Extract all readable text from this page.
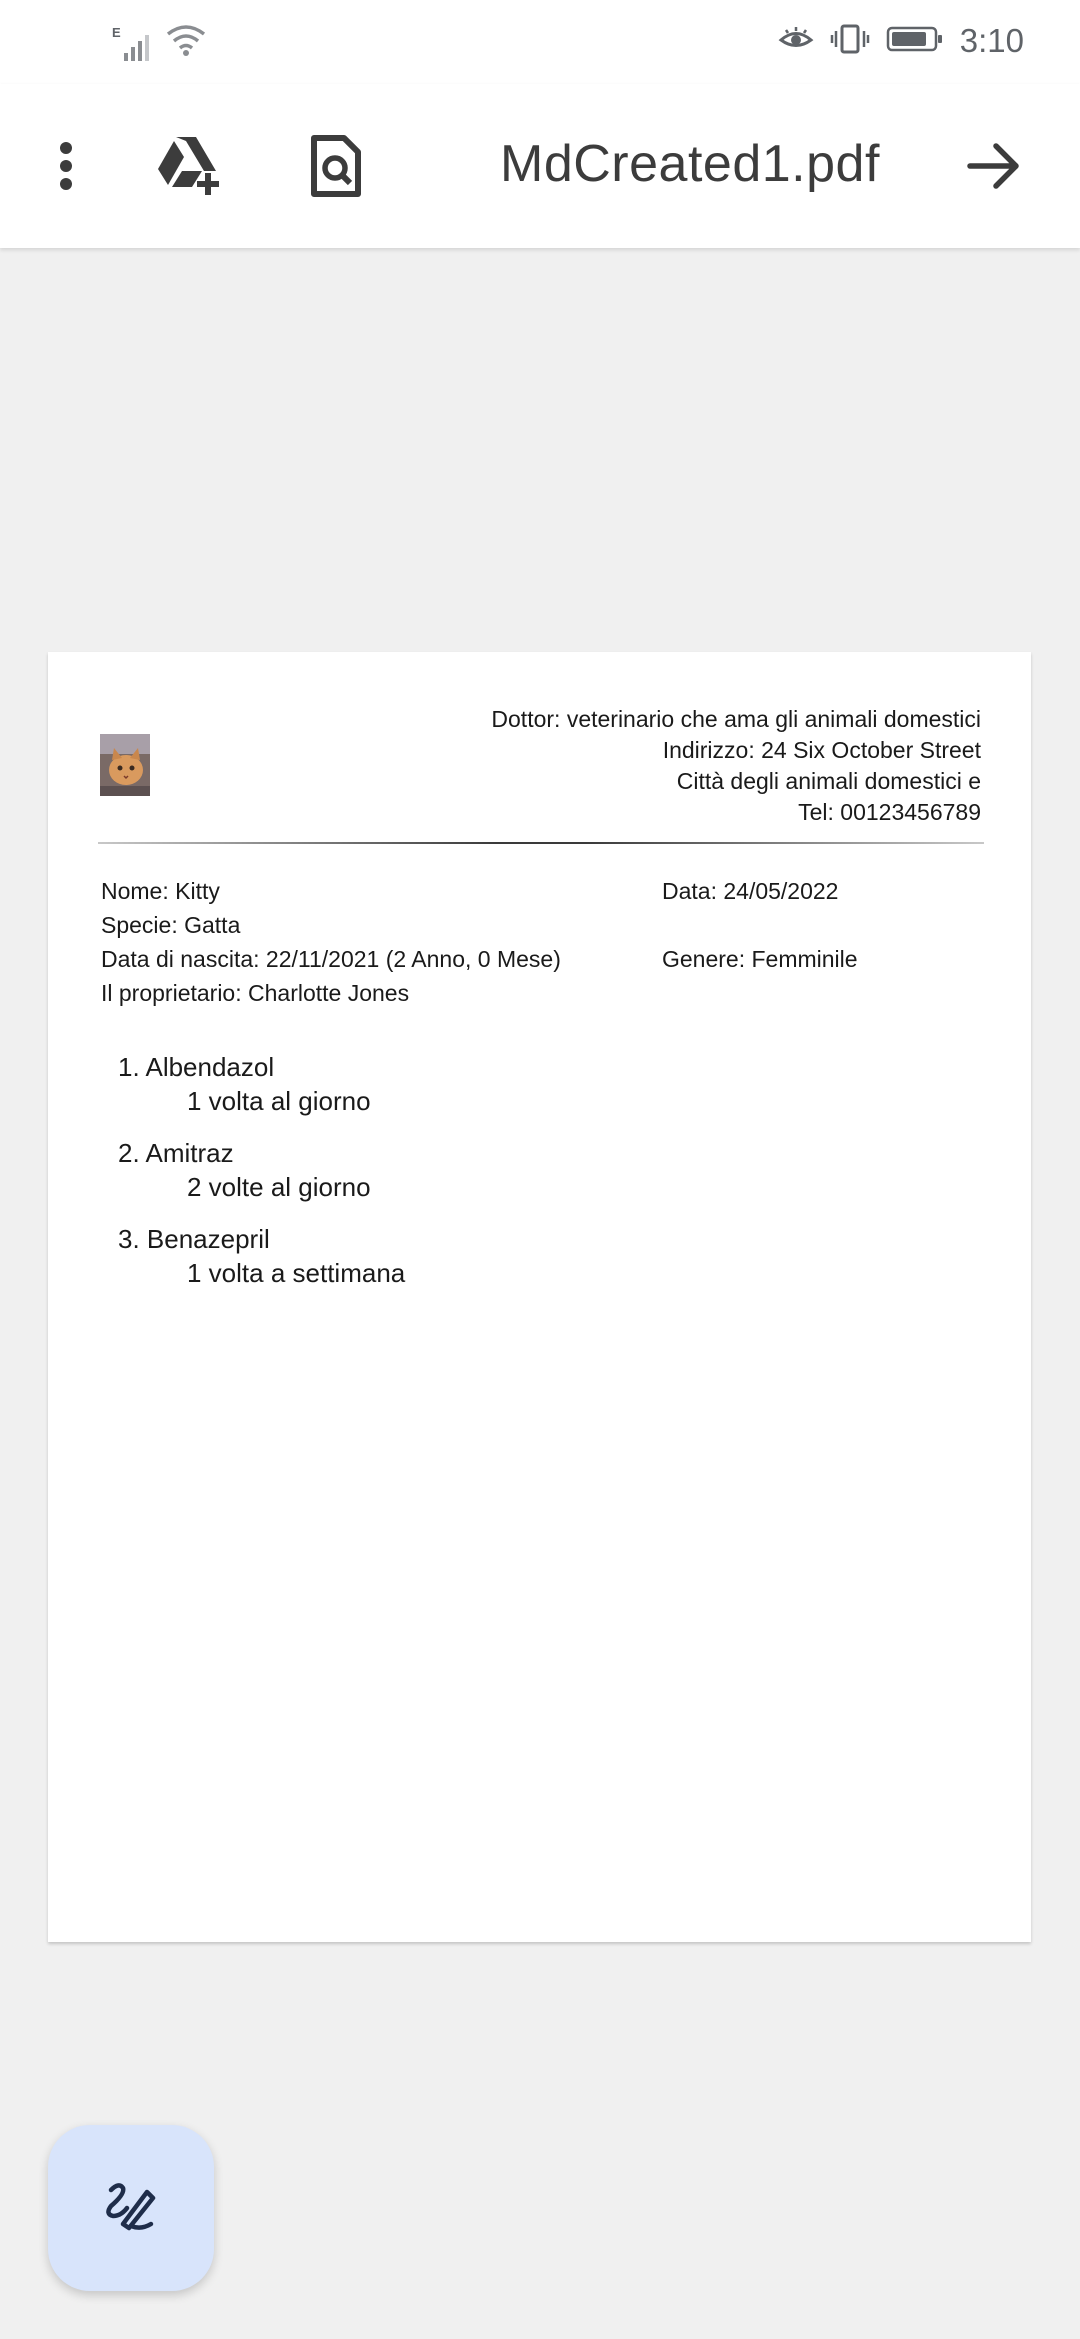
E	3:10
MdCreated1.pdf
Dottor: veterinario che ama gli animali domestici
Indirizzo: 24 Six October Street
Città degli animali domestici e
Tel: 00123456789
Nome: Kitty	Data: 24/05/2022
Specie: Gatta
Data di nascita: 22/11/2021 (2 Anno, 0 Mese)	Genere: Femminile
Il proprietario: Charlotte Jones
1. Albendazol
1 volta al giorno
2. Amitraz
2 volte al giorno
3. Benazepril
1 volta a settimana
